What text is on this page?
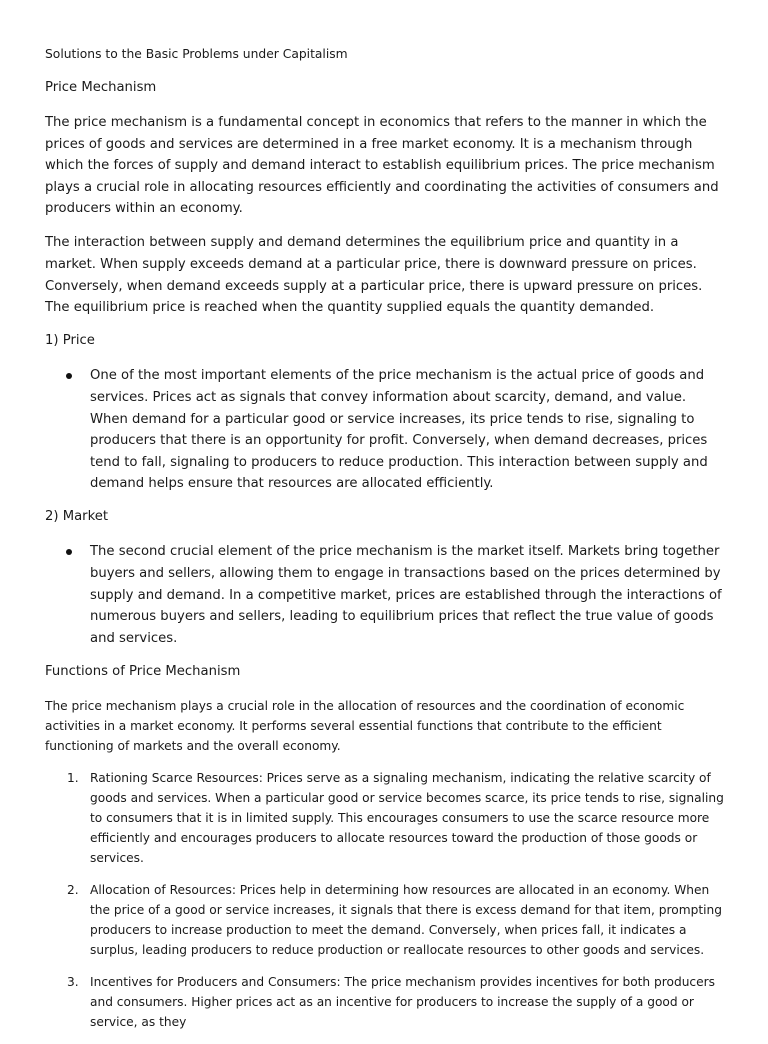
Solutions to the Basic Problems under Capitalism

Price Mechanism

The price mechanism is a fundamental concept in economics that refers to the manner in which the prices of goods and services are determined in a free market economy. It is a mechanism through which the forces of supply and demand interact to establish equilibrium prices. The price mechanism plays a crucial role in allocating resources efficiently and coordinating the activities of consumers and producers within an economy.

The interaction between supply and demand determines the equilibrium price and quantity in a market. When supply exceeds demand at a particular price, there is downward pressure on prices. Conversely, when demand exceeds supply at a particular price, there is upward pressure on prices. The equilibrium price is reached when the quantity supplied equals the quantity demanded.

1) Price

One of the most important elements of the price mechanism is the actual price of goods and services. Prices act as signals that convey information about scarcity, demand, and value. When demand for a particular good or service increases, its price tends to rise, signaling to producers that there is an opportunity for profit. Conversely, when demand decreases, prices tend to fall, signaling to producers to reduce production. This interaction between supply and demand helps ensure that resources are allocated efficiently.

2) Market

The second crucial element of the price mechanism is the market itself. Markets bring together buyers and sellers, allowing them to engage in transactions based on the prices determined by supply and demand. In a competitive market, prices are established through the interactions of numerous buyers and sellers, leading to equilibrium prices that reflect the true value of goods and services.

Functions of Price Mechanism

The price mechanism plays a crucial role in the allocation of resources and the coordination of economic activities in a market economy. It performs several essential functions that contribute to the efficient functioning of markets and the overall economy.

1. Rationing Scarce Resources: Prices serve as a signaling mechanism, indicating the relative scarcity of goods and services. When a particular good or service becomes scarce, its price tends to rise, signaling to consumers that it is in limited supply. This encourages consumers to use the scarce resource more efficiently and encourages producers to allocate resources toward the production of those goods or services.
2. Allocation of Resources: Prices help in determining how resources are allocated in an economy. When the price of a good or service increases, it signals that there is excess demand for that item, prompting producers to increase production to meet the demand. Conversely, when prices fall, it indicates a surplus, leading producers to reduce production or reallocate resources to other goods and services.
3. Incentives for Producers and Consumers: The price mechanism provides incentives for both producers and consumers. Higher prices act as an incentive for producers to increase the supply of a good or service, as they
